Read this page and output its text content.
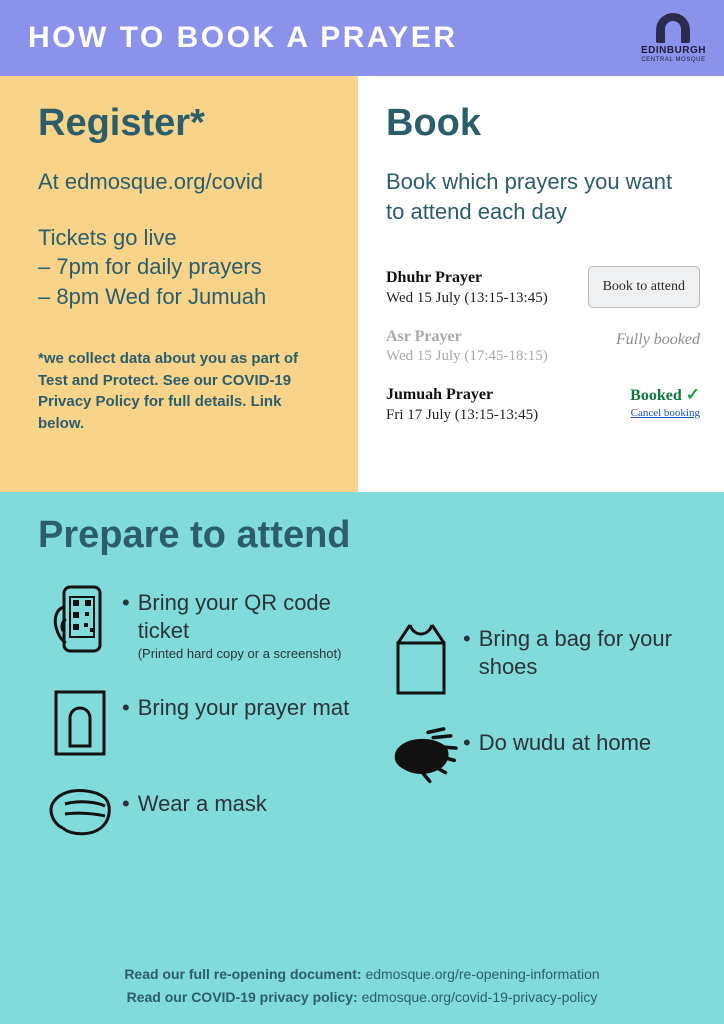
HOW TO BOOK A PRAYER	EDINBURGH
CENTRAL MOSQUE
Register*
At edmosque.org/covid
Tickets go live
– 7pm for daily prayers
– 8pm Wed for Jumuah
*we collect data about you as part of Test and Protect. See our COVID-19 Privacy Policy for full details. Link below.
Book
Book which prayers you want to attend each day
Dhuhr Prayer
Wed 15 July (13:15-13:45)
Book to attend
Asr Prayer
Wed 15 July (17:45-18:15)
Fully booked
Jumuah Prayer
Fri 17 July (13:15-13:45)
Booked ✓
Cancel booking
Prepare to attend
• Bring your QR code ticket
(Printed hard copy or a screenshot)
• Bring your prayer mat
• Wear a mask
• Bring a bag for your shoes
• Do wudu at home
Read our full re-opening document: edmosque.org/re-opening-information
Read our COVID-19 privacy policy: edmosque.org/covid-19-privacy-policy
